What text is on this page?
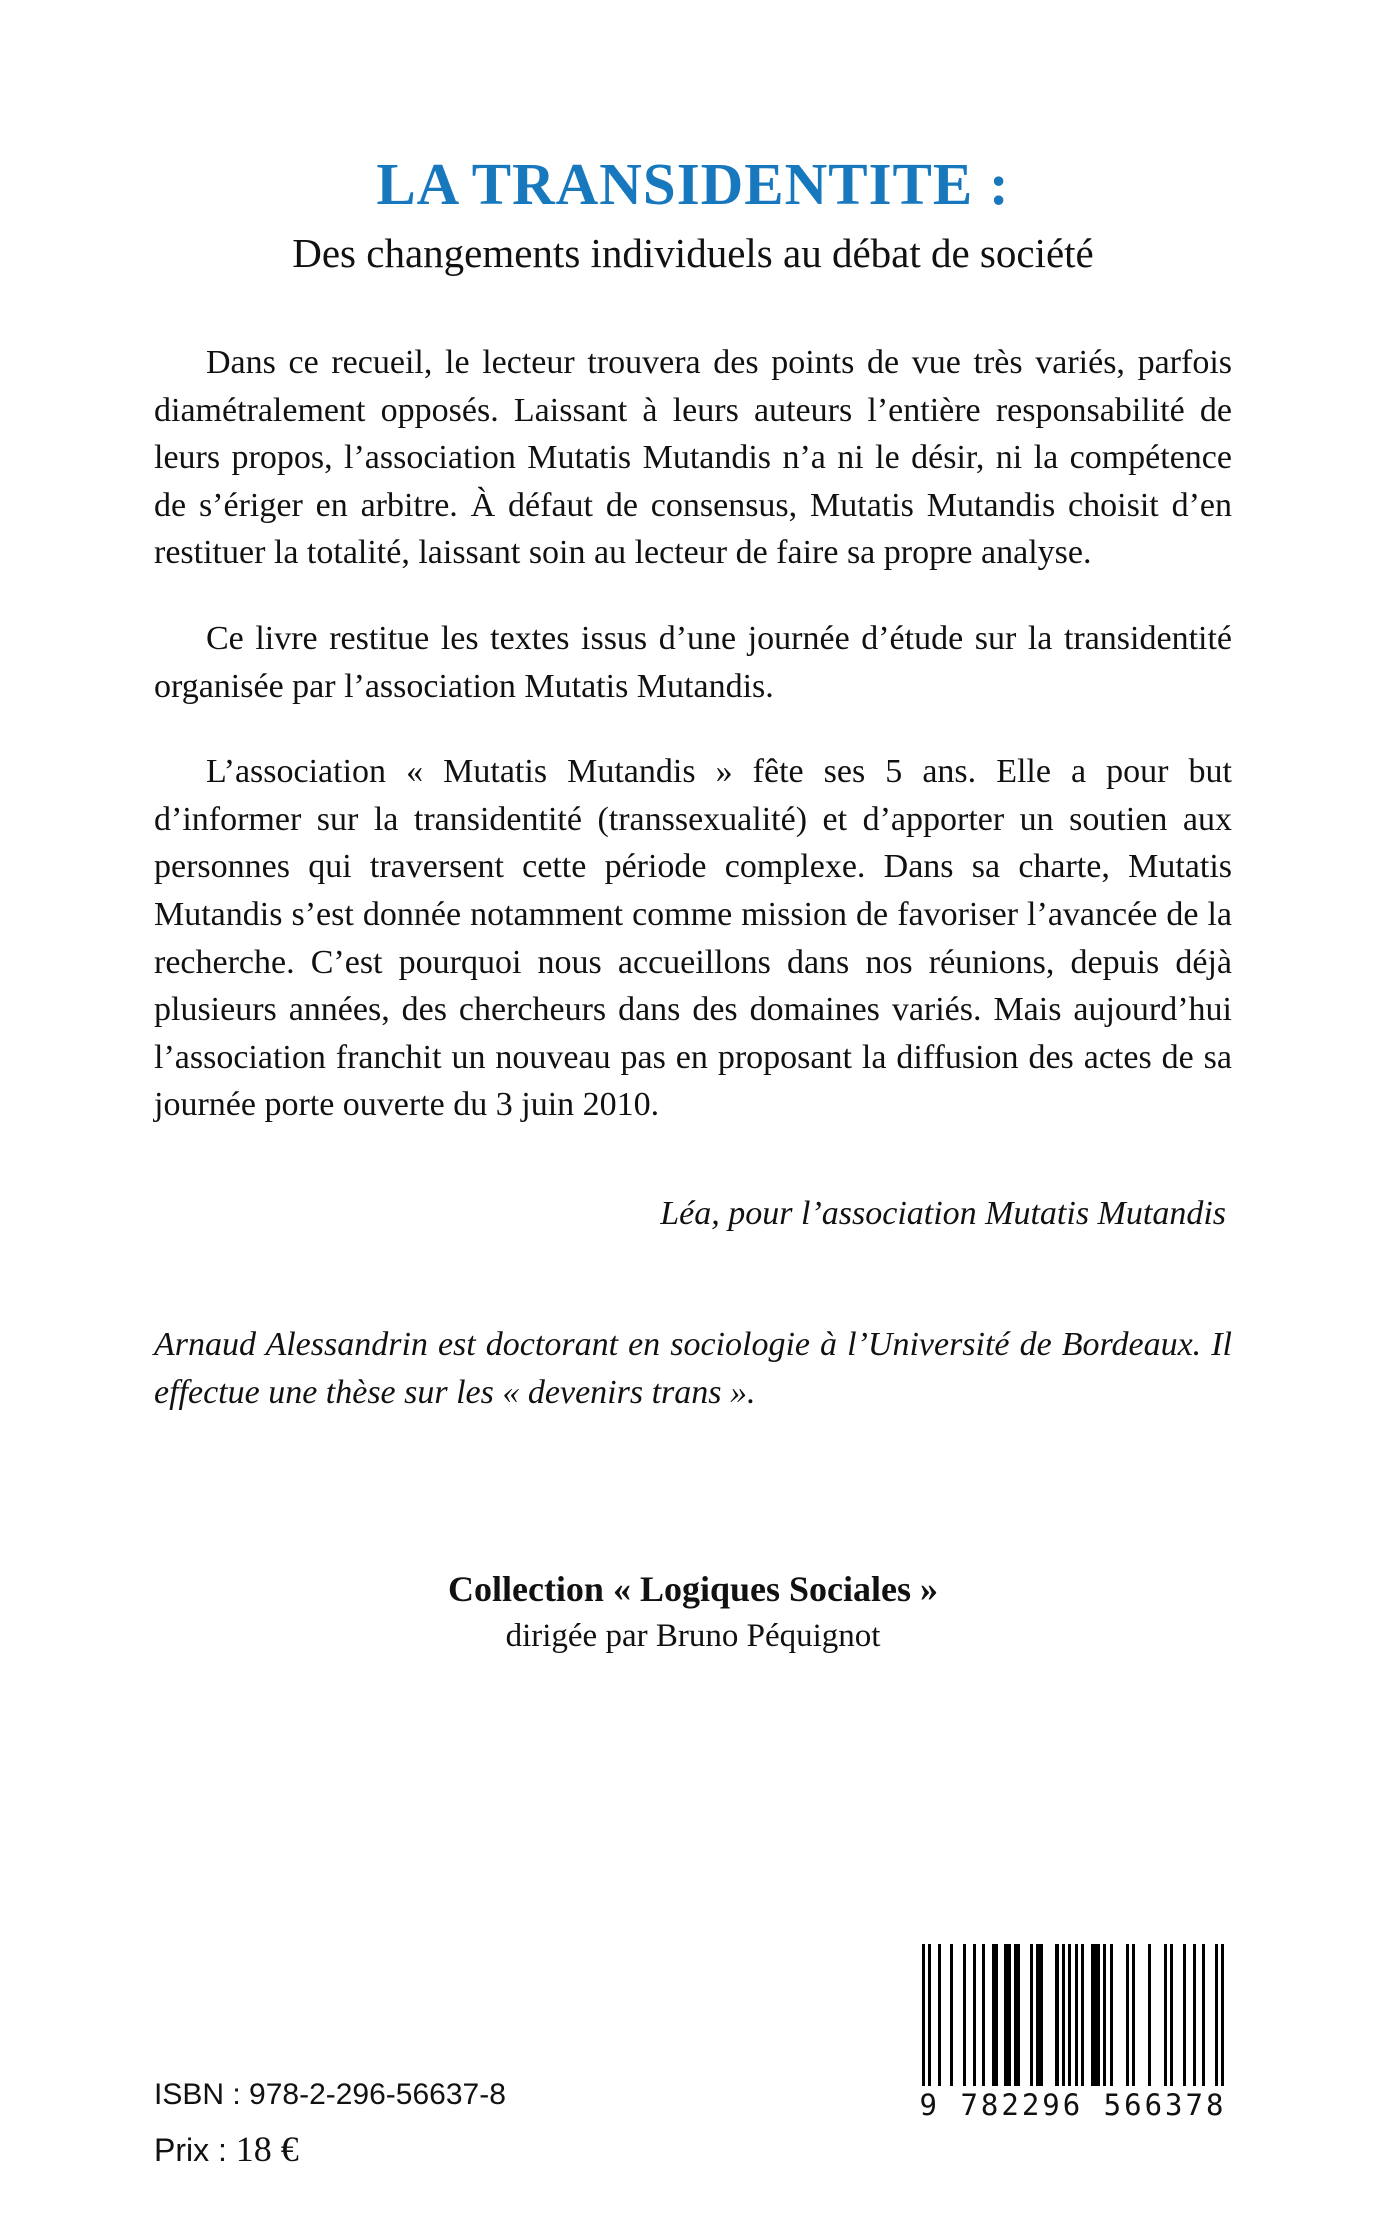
LA TRANSIDENTITE :
Des changements individuels au débat de société

Dans ce recueil, le lecteur trouvera des points de vue très variés, parfois diamétralement opposés. Laissant à leurs auteurs l’entière responsabilité de leurs propos, l’association Mutatis Mutandis n’a ni le désir, ni la compétence de s’ériger en arbitre. À défaut de consensus, Mutatis Mutandis choisit d’en restituer la totalité, laissant soin au lecteur de faire sa propre analyse.

Ce livre restitue les textes issus d’une journée d’étude sur la transidentité organisée par l’association Mutatis Mutandis.

L’association « Mutatis Mutandis » fête ses 5 ans. Elle a pour but d’informer sur la transidentité (transsexualité) et d’apporter un soutien aux personnes qui traversent cette période complexe. Dans sa charte, Mutatis Mutandis s’est donnée notamment comme mission de favoriser l’avancée de la recherche. C’est pourquoi nous accueillons dans nos réunions, depuis déjà plusieurs années, des chercheurs dans des domaines variés. Mais aujourd’hui l’association franchit un nouveau pas en proposant la diffusion des actes de sa journée porte ouverte du 3 juin 2010.

Léa, pour l’association Mutatis Mutandis
Arnaud Alessandrin est doctorant en sociologie à l’Université de Bordeaux. Il effectue une thèse sur les « devenirs trans ».

Collection « Logiques Sociales »

dirigée par Bruno Péquignot

ISBN : 978-2-296-56637-8
Prix : 18 €
9 782296 566378
